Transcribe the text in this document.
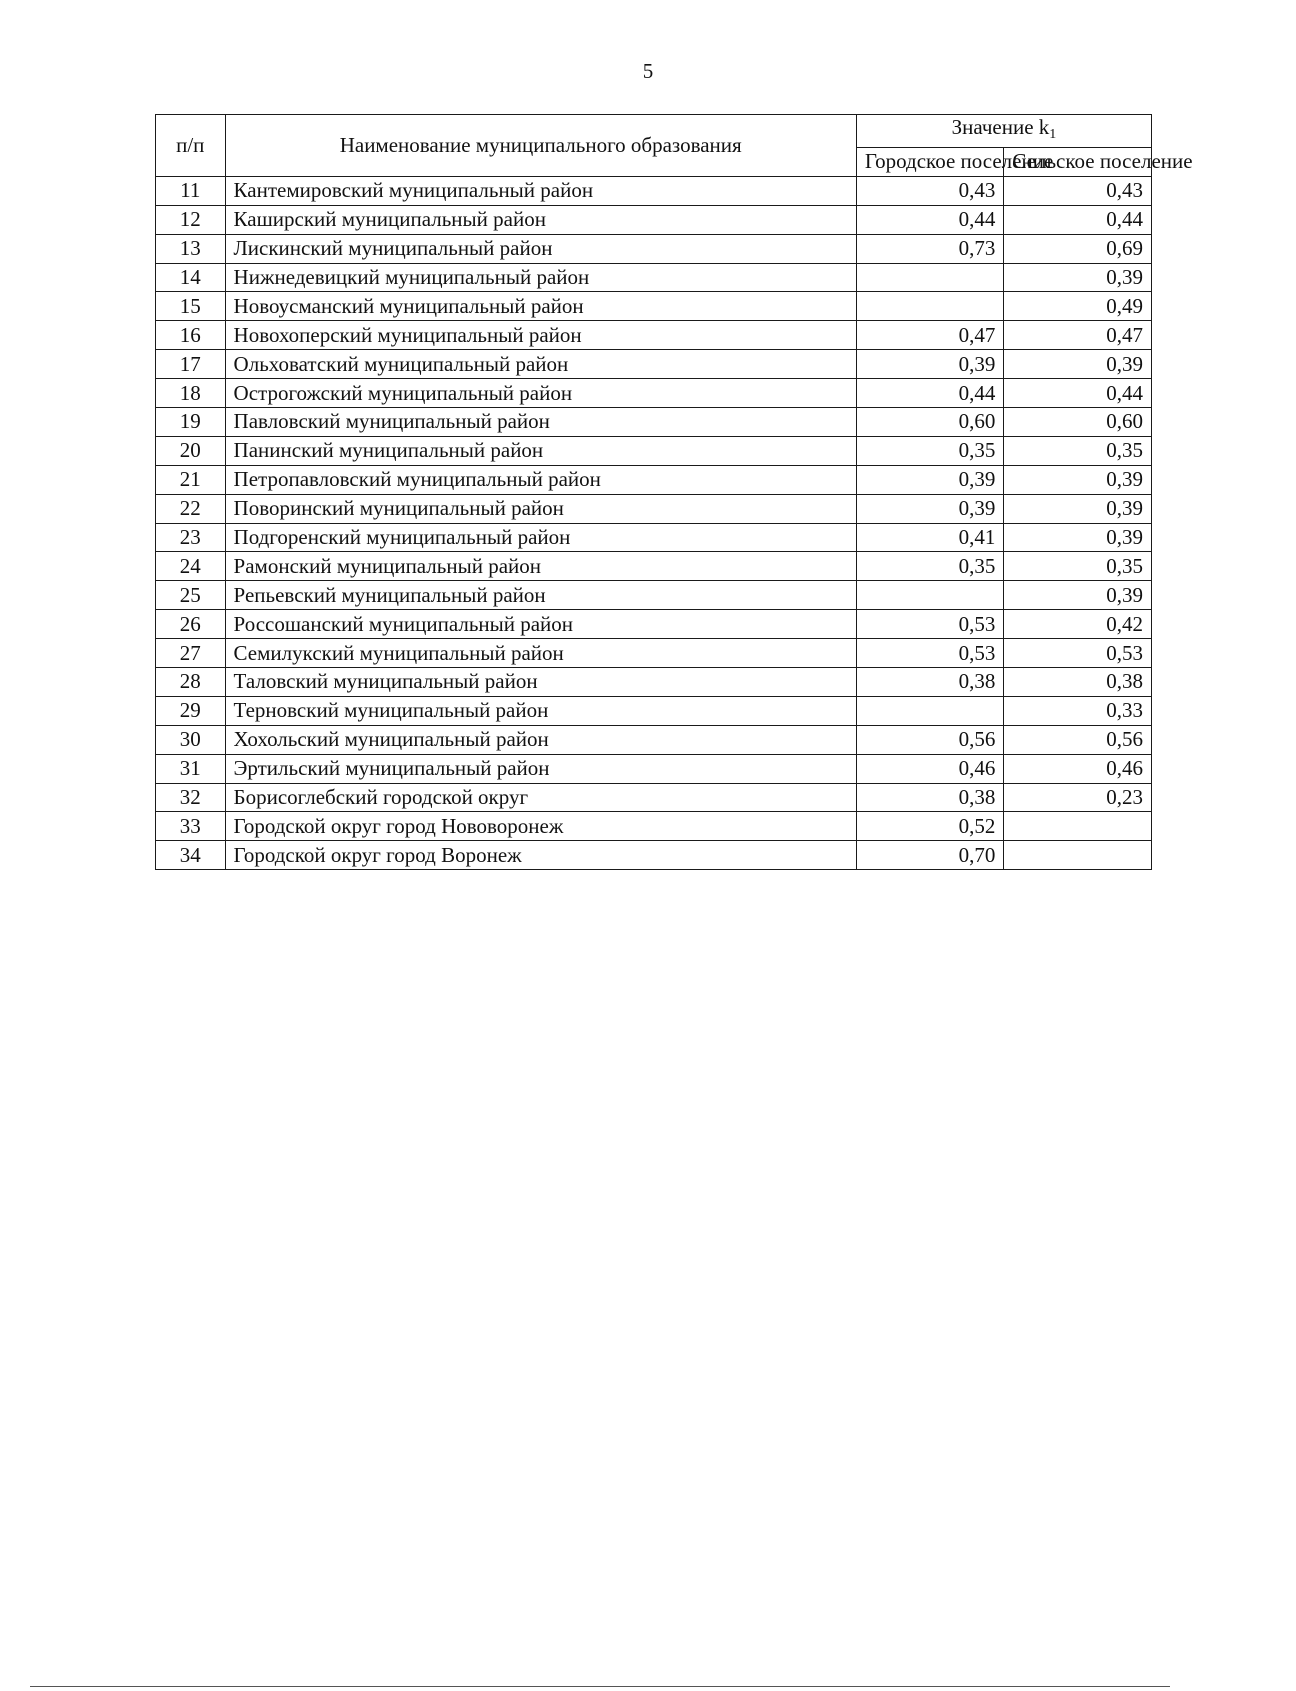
5
п/п	Наименование муниципального образования	Значение k1	
		Городское поселение	Сельское поселение
11	Кантемировский муниципальный район	0,43	0,43
12	Каширский муниципальный район	0,44	0,44
13	Лискинский муниципальный район	0,73	0,69
14	Нижнедевицкий муниципальный район		0,39
15	Новоусманский муниципальный район		0,49
16	Новохоперский муниципальный район	0,47	0,47
17	Ольховатский муниципальный район	0,39	0,39
18	Острогожский муниципальный район	0,44	0,44
19	Павловский муниципальный район	0,60	0,60
20	Панинский муниципальный район	0,35	0,35
21	Петропавловский муниципальный район	0,39	0,39
22	Поворинский муниципальный район	0,39	0,39
23	Подгоренский муниципальный район	0,41	0,39
24	Рамонский муниципальный район	0,35	0,35
25	Репьевский муниципальный район		0,39
26	Россошанский муниципальный район	0,53	0,42
27	Семилукский муниципальный район	0,53	0,53
28	Таловский муниципальный район	0,38	0,38
29	Терновский муниципальный район		0,33
30	Хохольский муниципальный район	0,56	0,56
31	Эртильский муниципальный район	0,46	0,46
32	Борисоглебский городской округ	0,38	0,23
33	Городской округ город Нововоронеж	0,52	
34	Городской округ город Воронеж	0,70	
